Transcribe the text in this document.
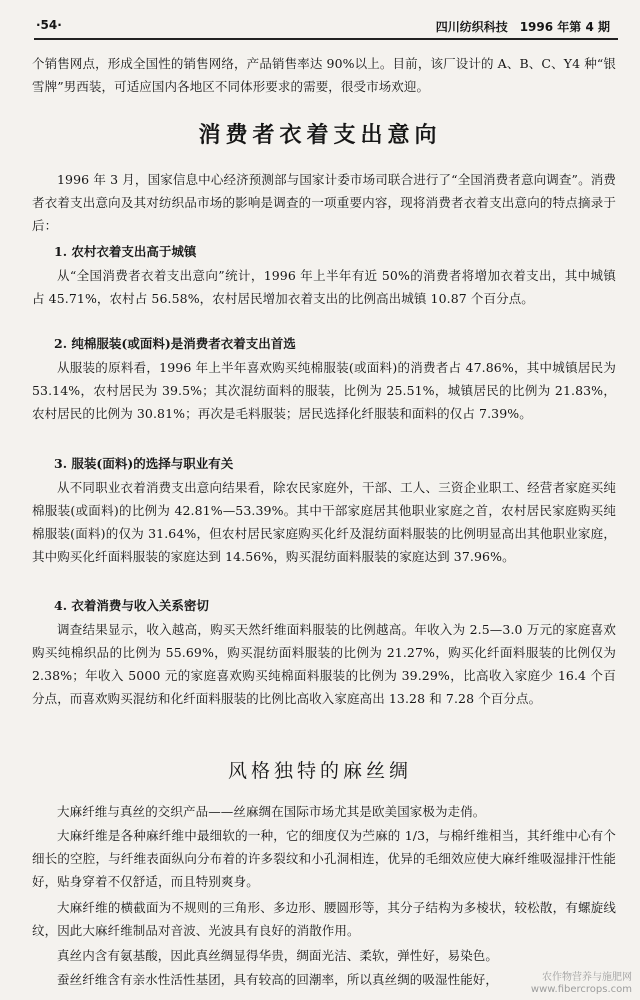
·54·	四川纺织科技　1996 年第 4 期

个销售网点，形成全国性的销售网络，产品销售率达 90%以上。目前，该厂设计的 A、B、C、Y4 种“银雪牌”男西装，可适应国内各地区不同体形要求的需要，很受市场欢迎。

消费者衣着支出意向

1996 年 3 月，国家信息中心经济预测部与国家计委市场司联合进行了“全国消费者意向调查”。消费者衣着支出意向及其对纺织品市场的影响是调查的一项重要内容，现将消费者衣着支出意向的特点摘录于后：

1. 农村衣着支出高于城镇

从“全国消费者衣着支出意向”统计，1996 年上半年有近 50%的消费者将增加衣着支出，其中城镇占 45.71%，农村占 56.58%，农村居民增加衣着支出的比例高出城镇 10.87 个百分点。

2. 纯棉服装(或面料)是消费者衣着支出首选

从服装的原料看，1996 年上半年喜欢购买纯棉服装(或面料)的消费者占 47.86%，其中城镇居民为 53.14%，农村居民为 39.5%；其次混纺面料的服装，比例为 25.51%，城镇居民的比例为 21.83%，农村居民的比例为 30.81%；再次是毛料服装；居民选择化纤服装和面料的仅占 7.39%。

3. 服装(面料)的选择与职业有关

从不同职业衣着消费支出意向结果看，除农民家庭外，干部、工人、三资企业职工、经营者家庭买纯棉服装(或面料)的比例为 42.81%—53.39%。其中干部家庭居其他职业家庭之首，农村居民家庭购买纯棉服装(面料)的仅为 31.64%，但农村居民家庭购买化纤及混纺面料服装的比例明显高出其他职业家庭，其中购买化纤面料服装的家庭达到 14.56%，购买混纺面料服装的家庭达到 37.96%。

4. 衣着消费与收入关系密切

调查结果显示，收入越高，购买天然纤维面料服装的比例越高。年收入为 2.5—3.0 万元的家庭喜欢购买纯棉织品的比例为 55.69%，购买混纺面料服装的比例为 21.27%，购买化纤面料服装的比例仅为 2.38%；年收入 5000 元的家庭喜欢购买纯棉面料服装的比例为 39.29%，比高收入家庭少 16.4 个百分点，而喜欢购买混纺和化纤面料服装的比例比高收入家庭高出 13.28 和 7.28 个百分点。

风格独特的麻丝绸

大麻纤维与真丝的交织产品——丝麻绸在国际市场尤其是欧美国家极为走俏。

大麻纤维是各种麻纤维中最细软的一种，它的细度仅为苎麻的 1/3，与棉纤维相当，其纤维中心有个细长的空腔，与纤维表面纵向分布着的许多裂纹和小孔洞相连，优异的毛细效应使大麻纤维吸湿排汗性能好，贴身穿着不仅舒适，而且特别爽身。

大麻纤维的横截面为不规则的三角形、多边形、腰圆形等，其分子结构为多棱状，较松散，有螺旋线纹，因此大麻纤维制品对音波、光波具有良好的消散作用。

真丝内含有氨基酸，因此真丝绸显得华贵，绸面光洁、柔软，弹性好，易染色。

蚕丝纤维含有亲水性活性基团，具有较高的回潮率，所以真丝绸的吸湿性能好，	农作物营养与施肥网
www.fibercrops.com
